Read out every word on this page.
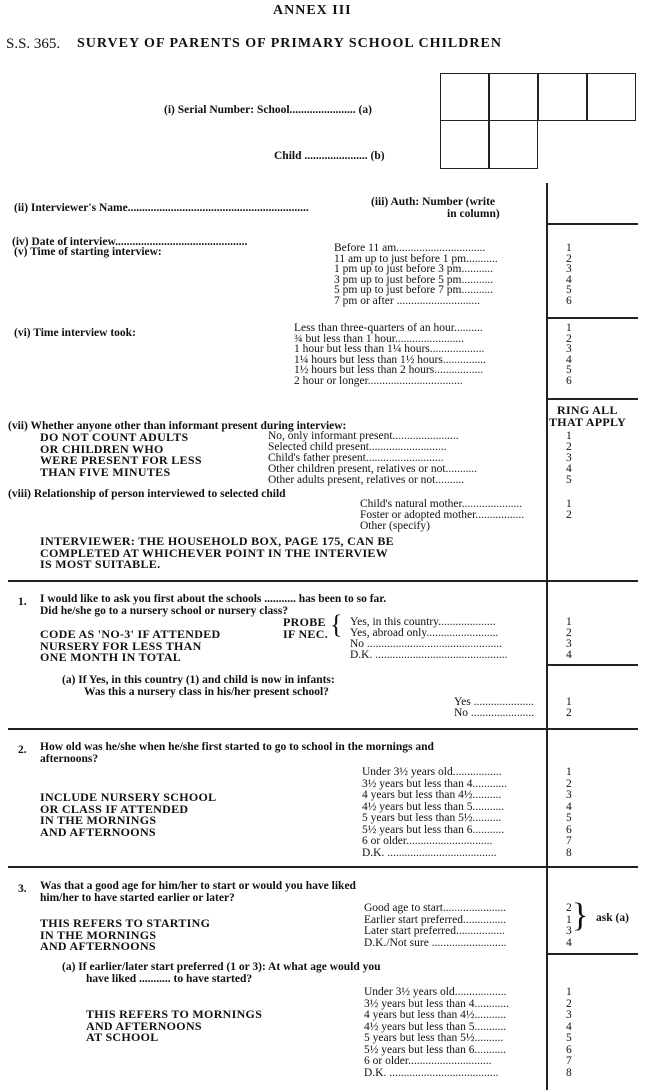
ANNEX III
S.S. 365. SURVEY OF PARENTS OF PRIMARY SCHOOL CHILDREN
(i) Serial Number: School....................... (a)
Child ...................... (b)
(ii) Interviewer's Name...............................................................	(iii) Auth: Number (write
in column)
(iv) Date of interview..............................................
(v) Time of starting interview:	Before 11 am...............................	1
11 am up to just before 1 pm...........	2
1 pm up to just before 3 pm...........	3
3 pm up to just before 5 pm...........	4
5 pm up to just before 7 pm...........	5
7 pm or after .............................	6
(vi) Time interview took:	Less than three-quarters of an hour..........	1
¾ but less than 1 hour........................	2
1 hour but less than 1¼ hours...................	3
1¼ hours but less than 1½ hours...............	4
1½ hours but less than 2 hours.................	5
2 hour or longer.................................	6
RING ALL
THAT APPLY
(vii) Whether anyone other than informant present during interview:
DO NOT COUNT ADULTS
OR CHILDREN WHO
WERE PRESENT FOR LESS
THAN FIVE MINUTES
No, only informant present.......................	1
Selected child present...........................	2
Child's father present...........................	3
Other children present, relatives or not...........	4
Other adults present, relatives or not..........	5
(viii) Relationship of person interviewed to selected child
Child's natural mother.....................	1
Foster or adopted mother.................	2
Other (specify)
INTERVIEWER: THE HOUSEHOLD BOX, PAGE 175, CAN BE
COMPLETED AT WHICHEVER POINT IN THE INTERVIEW
IS MOST SUITABLE.
1. I would like to ask you first about the schools ........... has been to so far.
Did he/she go to a nursery school or nursery class?
PROBE
IF NEC. {
CODE AS 'NO-3' IF ATTENDED
NURSERY FOR LESS THAN
ONE MONTH IN TOTAL
Yes, in this country....................	1
Yes, abroad only.........................	2
No ...............................................	3
D.K. ..............................................	4
(a) If Yes, in this country (1) and child is now in infants:
Was this a nursery class in his/her present school?
Yes .....................	1
No ......................	2
2. How old was he/she when he/she first started to go to school in the mornings and
afternoons?
INCLUDE NURSERY SCHOOL
OR CLASS IF ATTENDED
IN THE MORNINGS
AND AFTERNOONS
Under 3½ years old.................	1
3½ years but less than 4............	2
4 years but less than 4½..........	3
4½ years but less than 5...........	4
5 years but less than 5½..........	5
5½ years but less than 6...........	6
6 or older..............................	7
D.K. ......................................	8
3. Was that a good age for him/her to start or would you have liked
him/her to have started earlier or later?
THIS REFERS TO STARTING
IN THE MORNINGS
AND AFTERNOONS
Good age to start......................	2
Earlier start preferred...............	1
Later start preferred.................	3
D.K./Not sure ..........................	4
} ask (a)
(a) If earlier/later start preferred (1 or 3): At what age would you
have liked ........... to have started?
THIS REFERS TO MORNINGS
AND AFTERNOONS
AT SCHOOL
Under 3½ years old..................	1
3½ years but less than 4............	2
4 years but less than 4½...........	3
4½ years but less than 5...........	4
5 years but less than 5½..........	5
5½ years but less than 6...........	6
6 or older.............................	7
D.K. ......................................	8
